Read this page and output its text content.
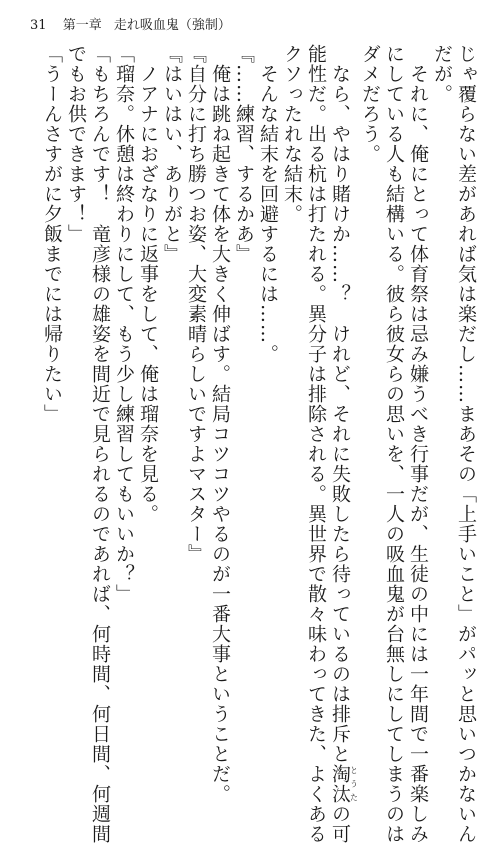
31 第一章 走れ吸血鬼（強制）
じゃ覆らない差があれば気は楽だし……まあその「上手いこと」がパッと思いつかないん
だが。
　それに、俺にとって体育祭は忌み嫌うべき行事だが、生徒の中には一年間で一番楽しみ
にしている人も結構いる。彼ら彼女らの思いを、一人の吸血鬼が台無しにしてしまうのは
ダメだろう。
　なら、やはり賭けか……？　けれど、それに失敗したら待っているのは排斥と淘汰とうたの可
能性だ。出る杭は打たれる。異分子は排除される。異世界で散々味わってきた、よくある
クソったれな結末。
　そんな結末を回避するには……。
『……練習、するかあ』
　俺は跳ね起きて体を大きく伸ばす。結局コツコツやるのが一番大事ということだ。
『自分に打ち勝つお姿、大変素晴らしいですよマスター』
『はいはい、ありがと』
　ノアナにおざなりに返事をして、俺は瑠奈を見る。
「瑠奈。休憩は終わりにして、もう少し練習してもいいか？」
「もちろんです！　竜彦様の雄姿を間近で見られるのであれば、何時間、何日間、何週間
でもお供できます！」
「うーんさすがに夕飯までには帰りたい」
